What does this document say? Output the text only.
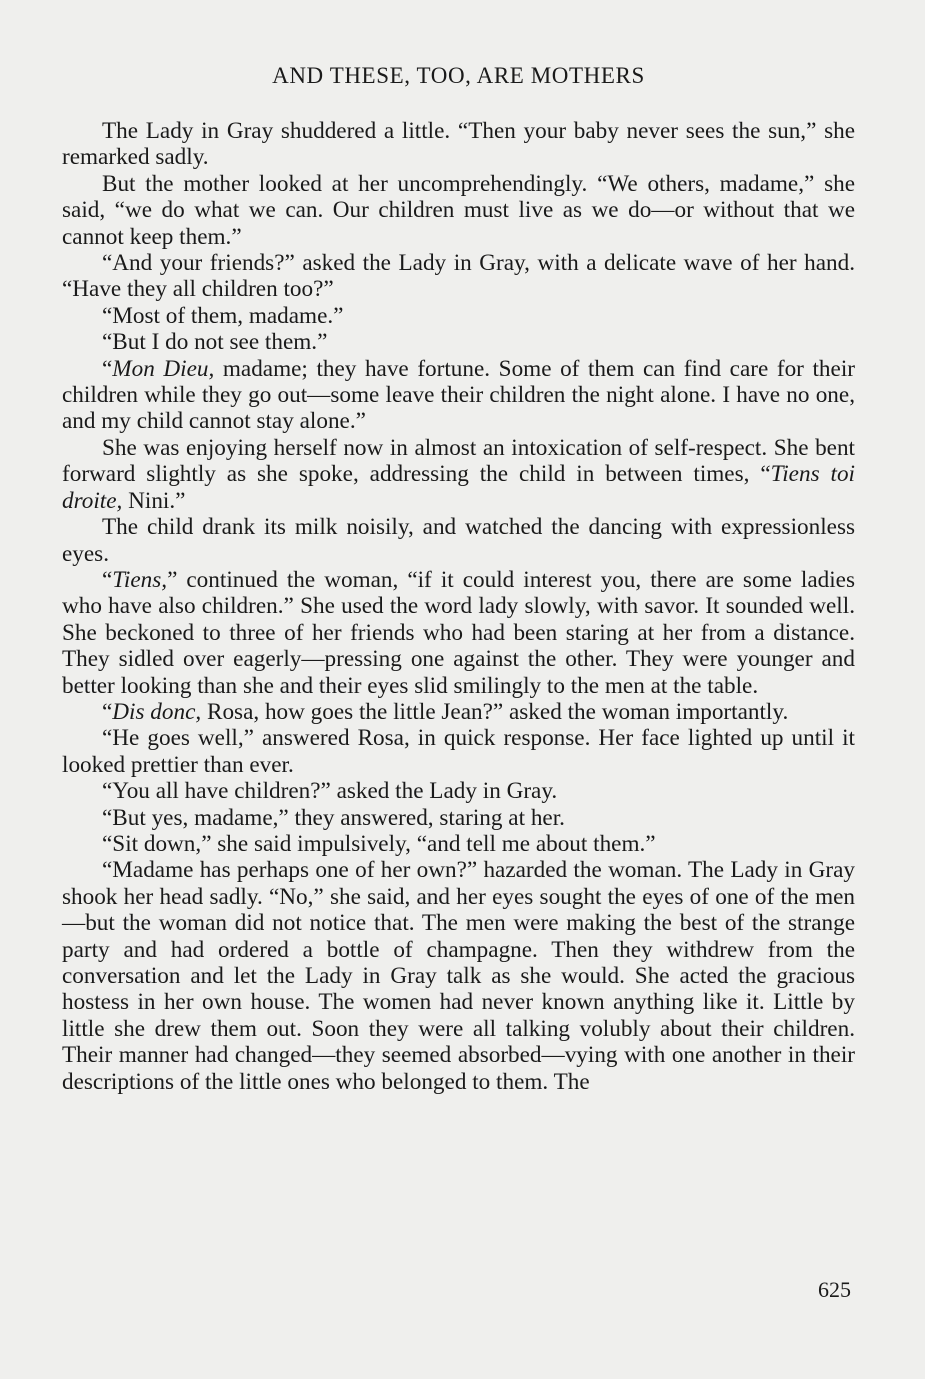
AND THESE, TOO, ARE MOTHERS

The Lady in Gray shuddered a little. “Then your baby never sees the sun,” she remarked sadly.

But the mother looked at her uncomprehendingly. “We others, madame,” she said, “we do what we can. Our children must live as we do—or without that we cannot keep them.”

“And your friends?” asked the Lady in Gray, with a delicate wave of her hand. “Have they all children too?”

“Most of them, madame.”

“But I do not see them.”

“Mon Dieu, madame; they have fortune. Some of them can find care for their children while they go out—some leave their children the night alone. I have no one, and my child cannot stay alone.”

She was enjoying herself now in almost an intoxication of self-respect. She bent forward slightly as she spoke, addressing the child in between times, “Tiens toi droite, Nini.”

The child drank its milk noisily, and watched the dancing with expressionless eyes.

“Tiens,” continued the woman, “if it could interest you, there are some ladies who have also children.” She used the word lady slowly, with savor. It sounded well. She beckoned to three of her friends who had been staring at her from a distance. They sidled over eagerly—pressing one against the other. They were younger and better looking than she and their eyes slid smilingly to the men at the table.

“Dis donc, Rosa, how goes the little Jean?” asked the woman importantly.

“He goes well,” answered Rosa, in quick response. Her face lighted up until it looked prettier than ever.

“You all have children?” asked the Lady in Gray.

“But yes, madame,” they answered, staring at her.

“Sit down,” she said impulsively, “and tell me about them.”

“Madame has perhaps one of her own?” hazarded the woman. The Lady in Gray shook her head sadly. “No,” she said, and her eyes sought the eyes of one of the men—but the woman did not notice that. The men were making the best of the strange party and had ordered a bottle of champagne. Then they withdrew from the conversation and let the Lady in Gray talk as she would. She acted the gracious hostess in her own house. The women had never known anything like it. Little by little she drew them out. Soon they were all talking volubly about their children. Their manner had changed—they seemed absorbed—vying with one another in their descriptions of the little ones who belonged to them. The

625
